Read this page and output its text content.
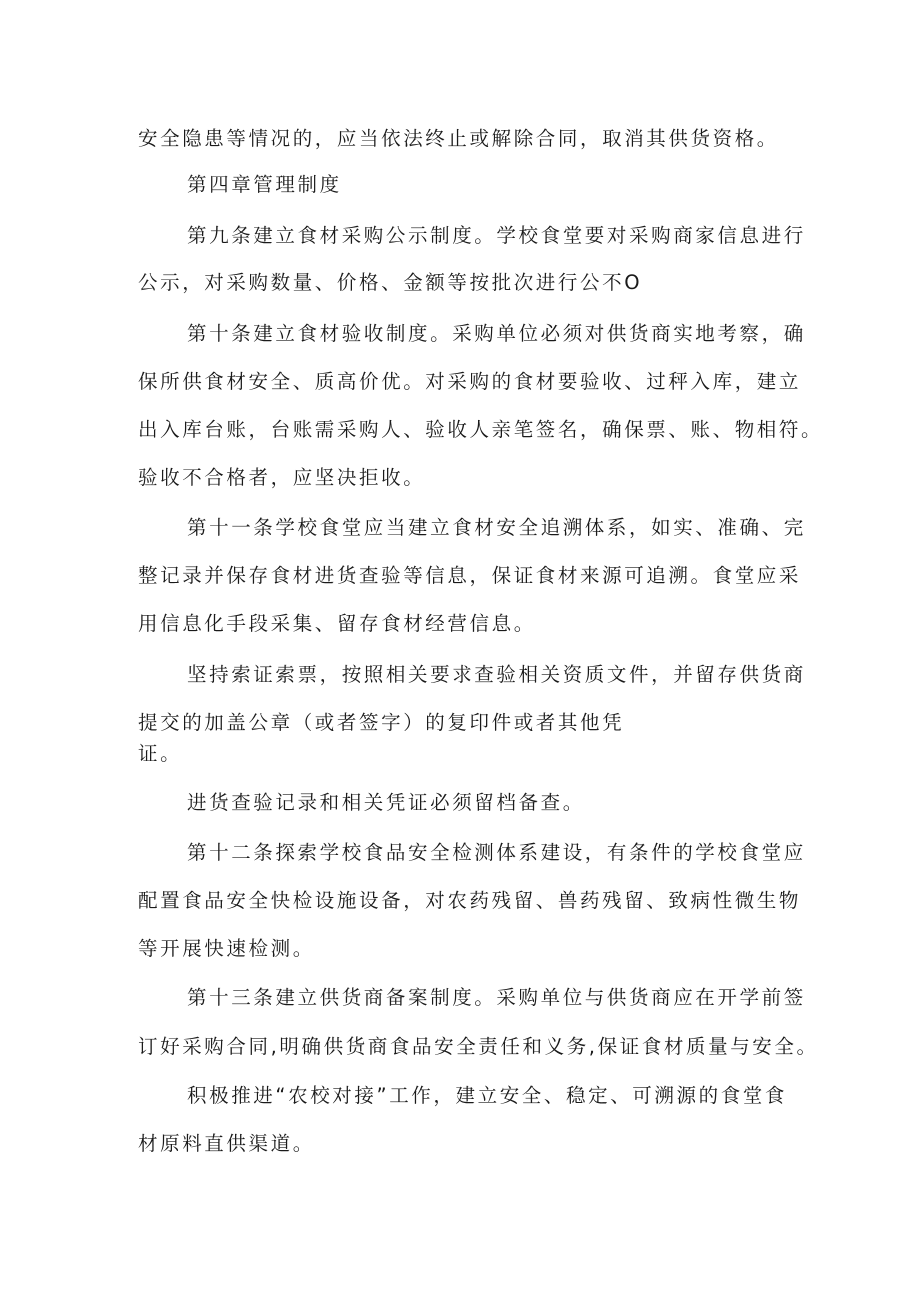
安全隐患等情况的，应当依法终止或解除合同，取消其供货资格。
第四章管理制度
第九条建立食材采购公示制度。学校食堂要对采购商家信息进行
公示，对采购数量、价格、金额等按批次进行公不O
第十条建立食材验收制度。采购单位必须对供货商实地考察，确
保所供食材安全、质高价优。对采购的食材要验收、过秤入库，建立
出入库台账，台账需采购人、验收人亲笔签名，确保票、账、物相符。
验收不合格者，应坚决拒收。
第十一条学校食堂应当建立食材安全追溯体系，如实、准确、完
整记录并保存食材进货查验等信息，保证食材来源可追溯。食堂应采
用信息化手段采集、留存食材经营信息。
坚持索证索票，按照相关要求查验相关资质文件，并留存供货商
提交的加盖公章（或者签字）的复印件或者其他凭
证。
进货查验记录和相关凭证必须留档备查。
第十二条探索学校食品安全检测体系建设，有条件的学校食堂应
配置食品安全快检设施设备，对农药残留、兽药残留、致病性微生物
等开展快速检测。
第十三条建立供货商备案制度。采购单位与供货商应在开学前签
订好采购合同,明确供货商食品安全责任和义务,保证食材质量与安全。
积极推进“农校对接”工作，建立安全、稳定、可溯源的食堂食
材原料直供渠道。
